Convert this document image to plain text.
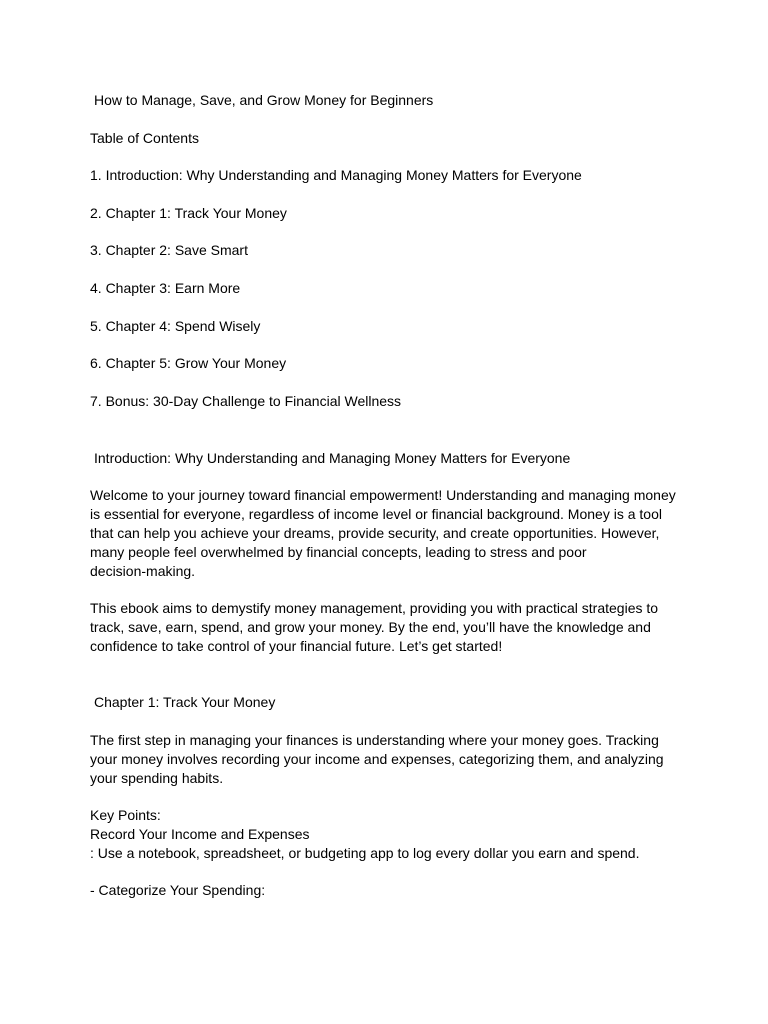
How to Manage, Save, and Grow Money for Beginners
Table of Contents
1. Introduction: Why Understanding and Managing Money Matters for Everyone
2. Chapter 1: Track Your Money
3. Chapter 2: Save Smart
4. Chapter 3: Earn More
5. Chapter 4: Spend Wisely
6. Chapter 5: Grow Your Money
7. Bonus: 30-Day Challenge to Financial Wellness
Introduction: Why Understanding and Managing Money Matters for Everyone
Welcome to your journey toward financial empowerment! Understanding and managing money
is essential for everyone, regardless of income level or financial background. Money is a tool
that can help you achieve your dreams, provide security, and create opportunities. However,
many people feel overwhelmed by financial concepts, leading to stress and poor
decision-making.
This ebook aims to demystify money management, providing you with practical strategies to
track, save, earn, spend, and grow your money. By the end, you’ll have the knowledge and
confidence to take control of your financial future. Let’s get started!
Chapter 1: Track Your Money
The first step in managing your finances is understanding where your money goes. Tracking
your money involves recording your income and expenses, categorizing them, and analyzing
your spending habits.
Key Points:
Record Your Income and Expenses
: Use a notebook, spreadsheet, or budgeting app to log every dollar you earn and spend.
- Categorize Your Spending:
